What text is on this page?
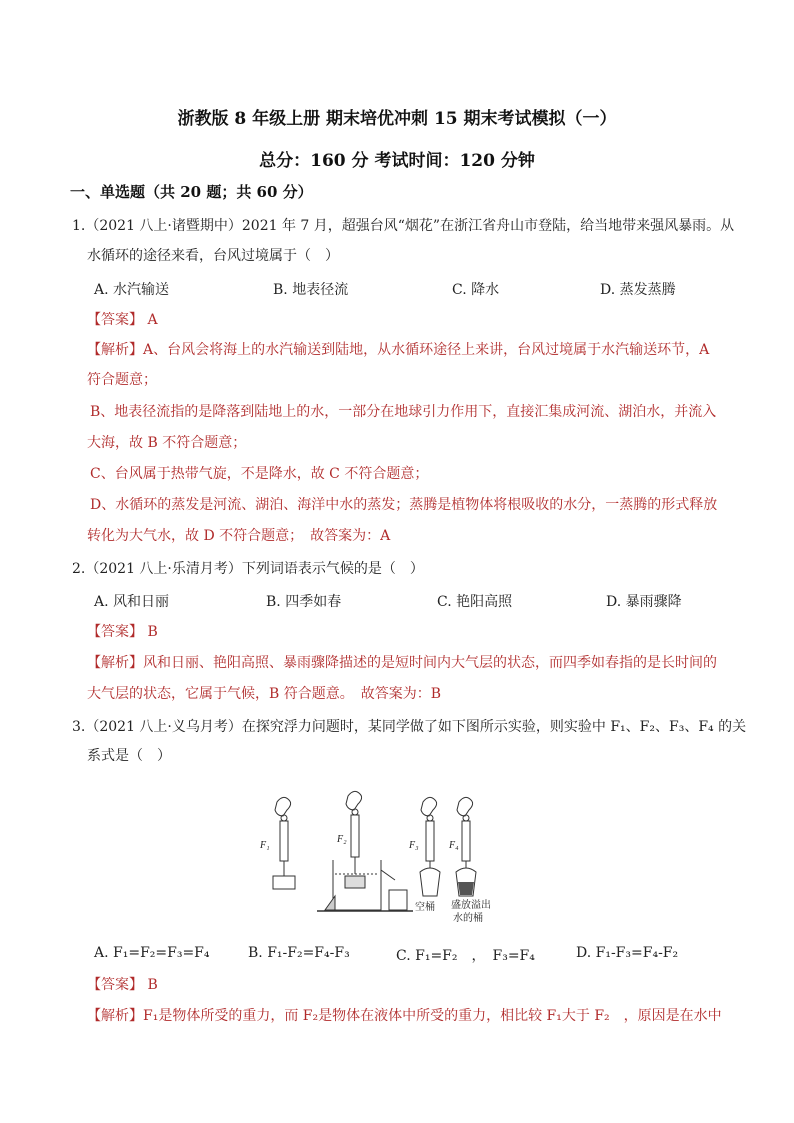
浙教版 8 年级上册 期末培优冲刺 15 期末考试模拟（一）
总分：160 分 考试时间：120 分钟
一、单选题（共 20 题；共 60 分）
1.（2021 八上·诸暨期中）2021 年 7 月，超强台风“烟花”在浙江省舟山市登陆，给当地带来强风暴雨。从
水循环的途径来看，台风过境属于（　）
A. 水汽输送	B. 地表径流	C. 降水	D. 蒸发蒸腾
【答案】 A
【解析】A、台风会将海上的水汽输送到陆地，从水循环途径上来讲，台风过境属于水汽输送环节，A
符合题意；
B、地表径流指的是降落到陆地上的水，一部分在地球引力作用下，直接汇集成河流、湖泊水，并流入
大海，故 B 不符合题意；
C、台风属于热带气旋，不是降水，故 C 不符合题意；
D、水循环的蒸发是河流、湖泊、海洋中水的蒸发；蒸腾是植物体将根吸收的水分，一蒸腾的形式释放
转化为大气水，故 D 不符合题意；　故答案为：A
2.（2021 八上·乐清月考）下列词语表示气候的是（　）
A. 风和日丽	B. 四季如春	C. 艳阳高照	D. 暴雨骤降
【答案】 B
【解析】风和日丽、艳阳高照、暴雨骤降描述的是短时间内大气层的状态，而四季如春指的是长时间的
大气层的状态，它属于气候，B 符合题意。　故答案为：B
3.（2021 八上·义乌月考）在探究浮力问题时，某同学做了如下图所示实验，则实验中 F₁、F₂、F₃、F₄ 的关
系式是（　）
F₁
F₂
F₃
空桶
F₄
盛放溢出
水的桶
A. F₁=F₂=F₃=F₄	B. F₁-F₂=F₄-F₃	C. F₁=F₂　，　F₃=F₄	D. F₁-F₃=F₄-F₂
【答案】 B
【解析】F₁是物体所受的重力，而 F₂是物体在液体中所受的重力，相比较 F₁大于 F₂　，原因是在水中
